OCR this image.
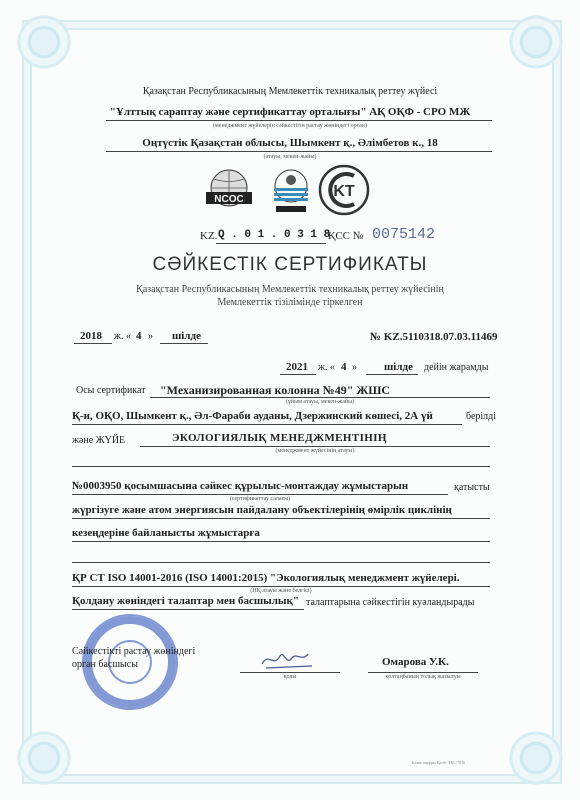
Қазақстан Республикасының Мемлекеттік техникалық реттеу жүйесі
"Ұлттық сараптау және сертификаттау орталығы" АҚ ОҚФ - СРО МЖ
(менеджмент жүйелерін сәйкестігін растау жөніндегі орган)
Оңтүстік Қазақстан облысы, Шымкент қ., Әлімбетов к., 18
(атауы, мекен-жайы)
NCOC	KT
KZ. Q . 0 1 . 0 3 1 8
ҚСС № 0075142
СӘЙКЕСТІК СЕРТИФИКАТЫ
Қазақстан Республикасының Мемлекеттік техникалық реттеу жүйесінің
Мемлекеттік тізілімінде тіркелген
2018 ж. « 4 » шілде	№ KZ.5110318.07.03.11469
2021 ж. « 4 » шілде дейін жарамды
Осы сертификат "Механизированная колонна №49" ЖШС
(ұйым атауы, мекен-жайы)
Қ-и, ОҚО, Шымкент қ., Әл-Фараби ауданы, Дзержинский көшесі, 2А үй	берілді
және ЖҮЙЕ	ЭКОЛОГИЯЛЫҚ МЕНЕДЖМЕНТІНІҢ
(менеджмент жүйесінің атауы)
№0003950 қосымшасына сәйкес құрылыс-монтаждау жұмыстарын	қатысты
(сертификаттау саласы)
жүргізуге және атом энергиясын пайдалану объектілерінің өмірлік циклінің
кезеңдеріне байланысты жұмыстарға
ҚР СТ ISO 14001-2016 (ISO 14001:2015) "Экологиялық менеджмент жүйелері.
(НҚ атауы және белгісі)
Қолдану жөніндегі талаптар мен басшылық" талаптарына сәйкестігін куәландырады
Сәйкестікті растау жөніндегі
орган басшысы
қолы
Омарова У.К.
қолтаңбаның толық жазылуы
Бланк шифры ҚазАс ТКС-7016
